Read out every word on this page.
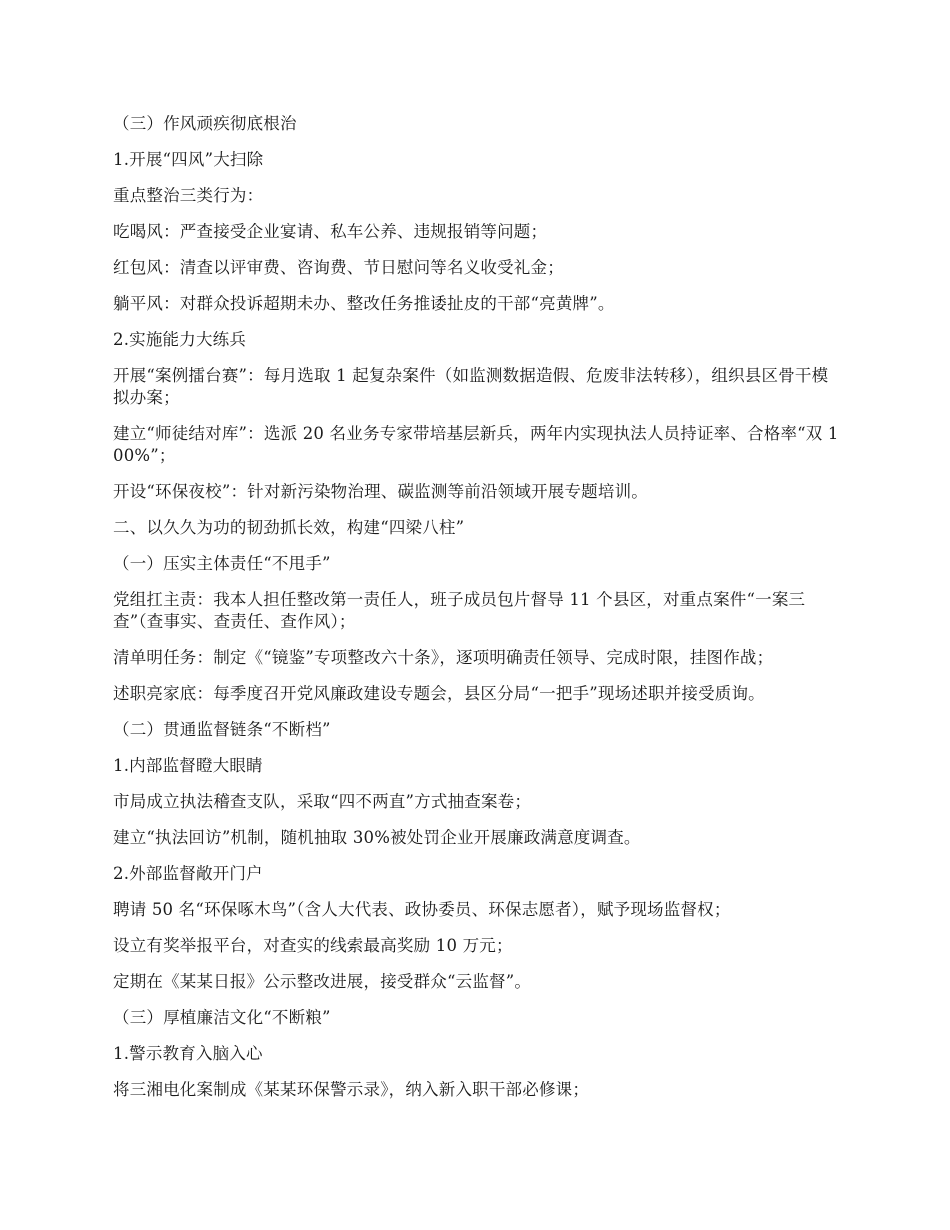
（三）作风顽疾彻底根治

1.开展“四风”大扫除

重点整治三类行为：

吃喝风：严查接受企业宴请、私车公养、违规报销等问题；

红包风：清查以评审费、咨询费、节日慰问等名义收受礼金；

躺平风：对群众投诉超期未办、整改任务推诿扯皮的干部“亮黄牌”。

2.实施能力大练兵

开展“案例擂台赛”：每月选取 1 起复杂案件（如监测数据造假、危废非法转移），组织县区骨干模拟办案；

建立“师徒结对库”：选派 20 名业务专家带培基层新兵，两年内实现执法人员持证率、合格率“双 100%”；

开设“环保夜校”：针对新污染物治理、碳监测等前沿领域开展专题培训。

二、以久久为功的韧劲抓长效，构建“四梁八柱”

（一）压实主体责任“不甩手”

党组扛主责：我本人担任整改第一责任人，班子成员包片督导 11 个县区，对重点案件“一案三查”（查事实、查责任、查作风）；

清单明任务：制定《“镜鉴”专项整改六十条》，逐项明确责任领导、完成时限，挂图作战；

述职亮家底：每季度召开党风廉政建设专题会，县区分局“一把手”现场述职并接受质询。

（二）贯通监督链条“不断档”

1.内部监督瞪大眼睛

市局成立执法稽查支队，采取“四不两直”方式抽查案卷；

建立“执法回访”机制，随机抽取 30%被处罚企业开展廉政满意度调查。

2.外部监督敞开门户

聘请 50 名“环保啄木鸟”（含人大代表、政协委员、环保志愿者），赋予现场监督权；

设立有奖举报平台，对查实的线索最高奖励 10 万元；

定期在《某某日报》公示整改进展，接受群众“云监督”。

（三）厚植廉洁文化“不断粮”

1.警示教育入脑入心

将三湘电化案制成《某某环保警示录》，纳入新入职干部必修课；
